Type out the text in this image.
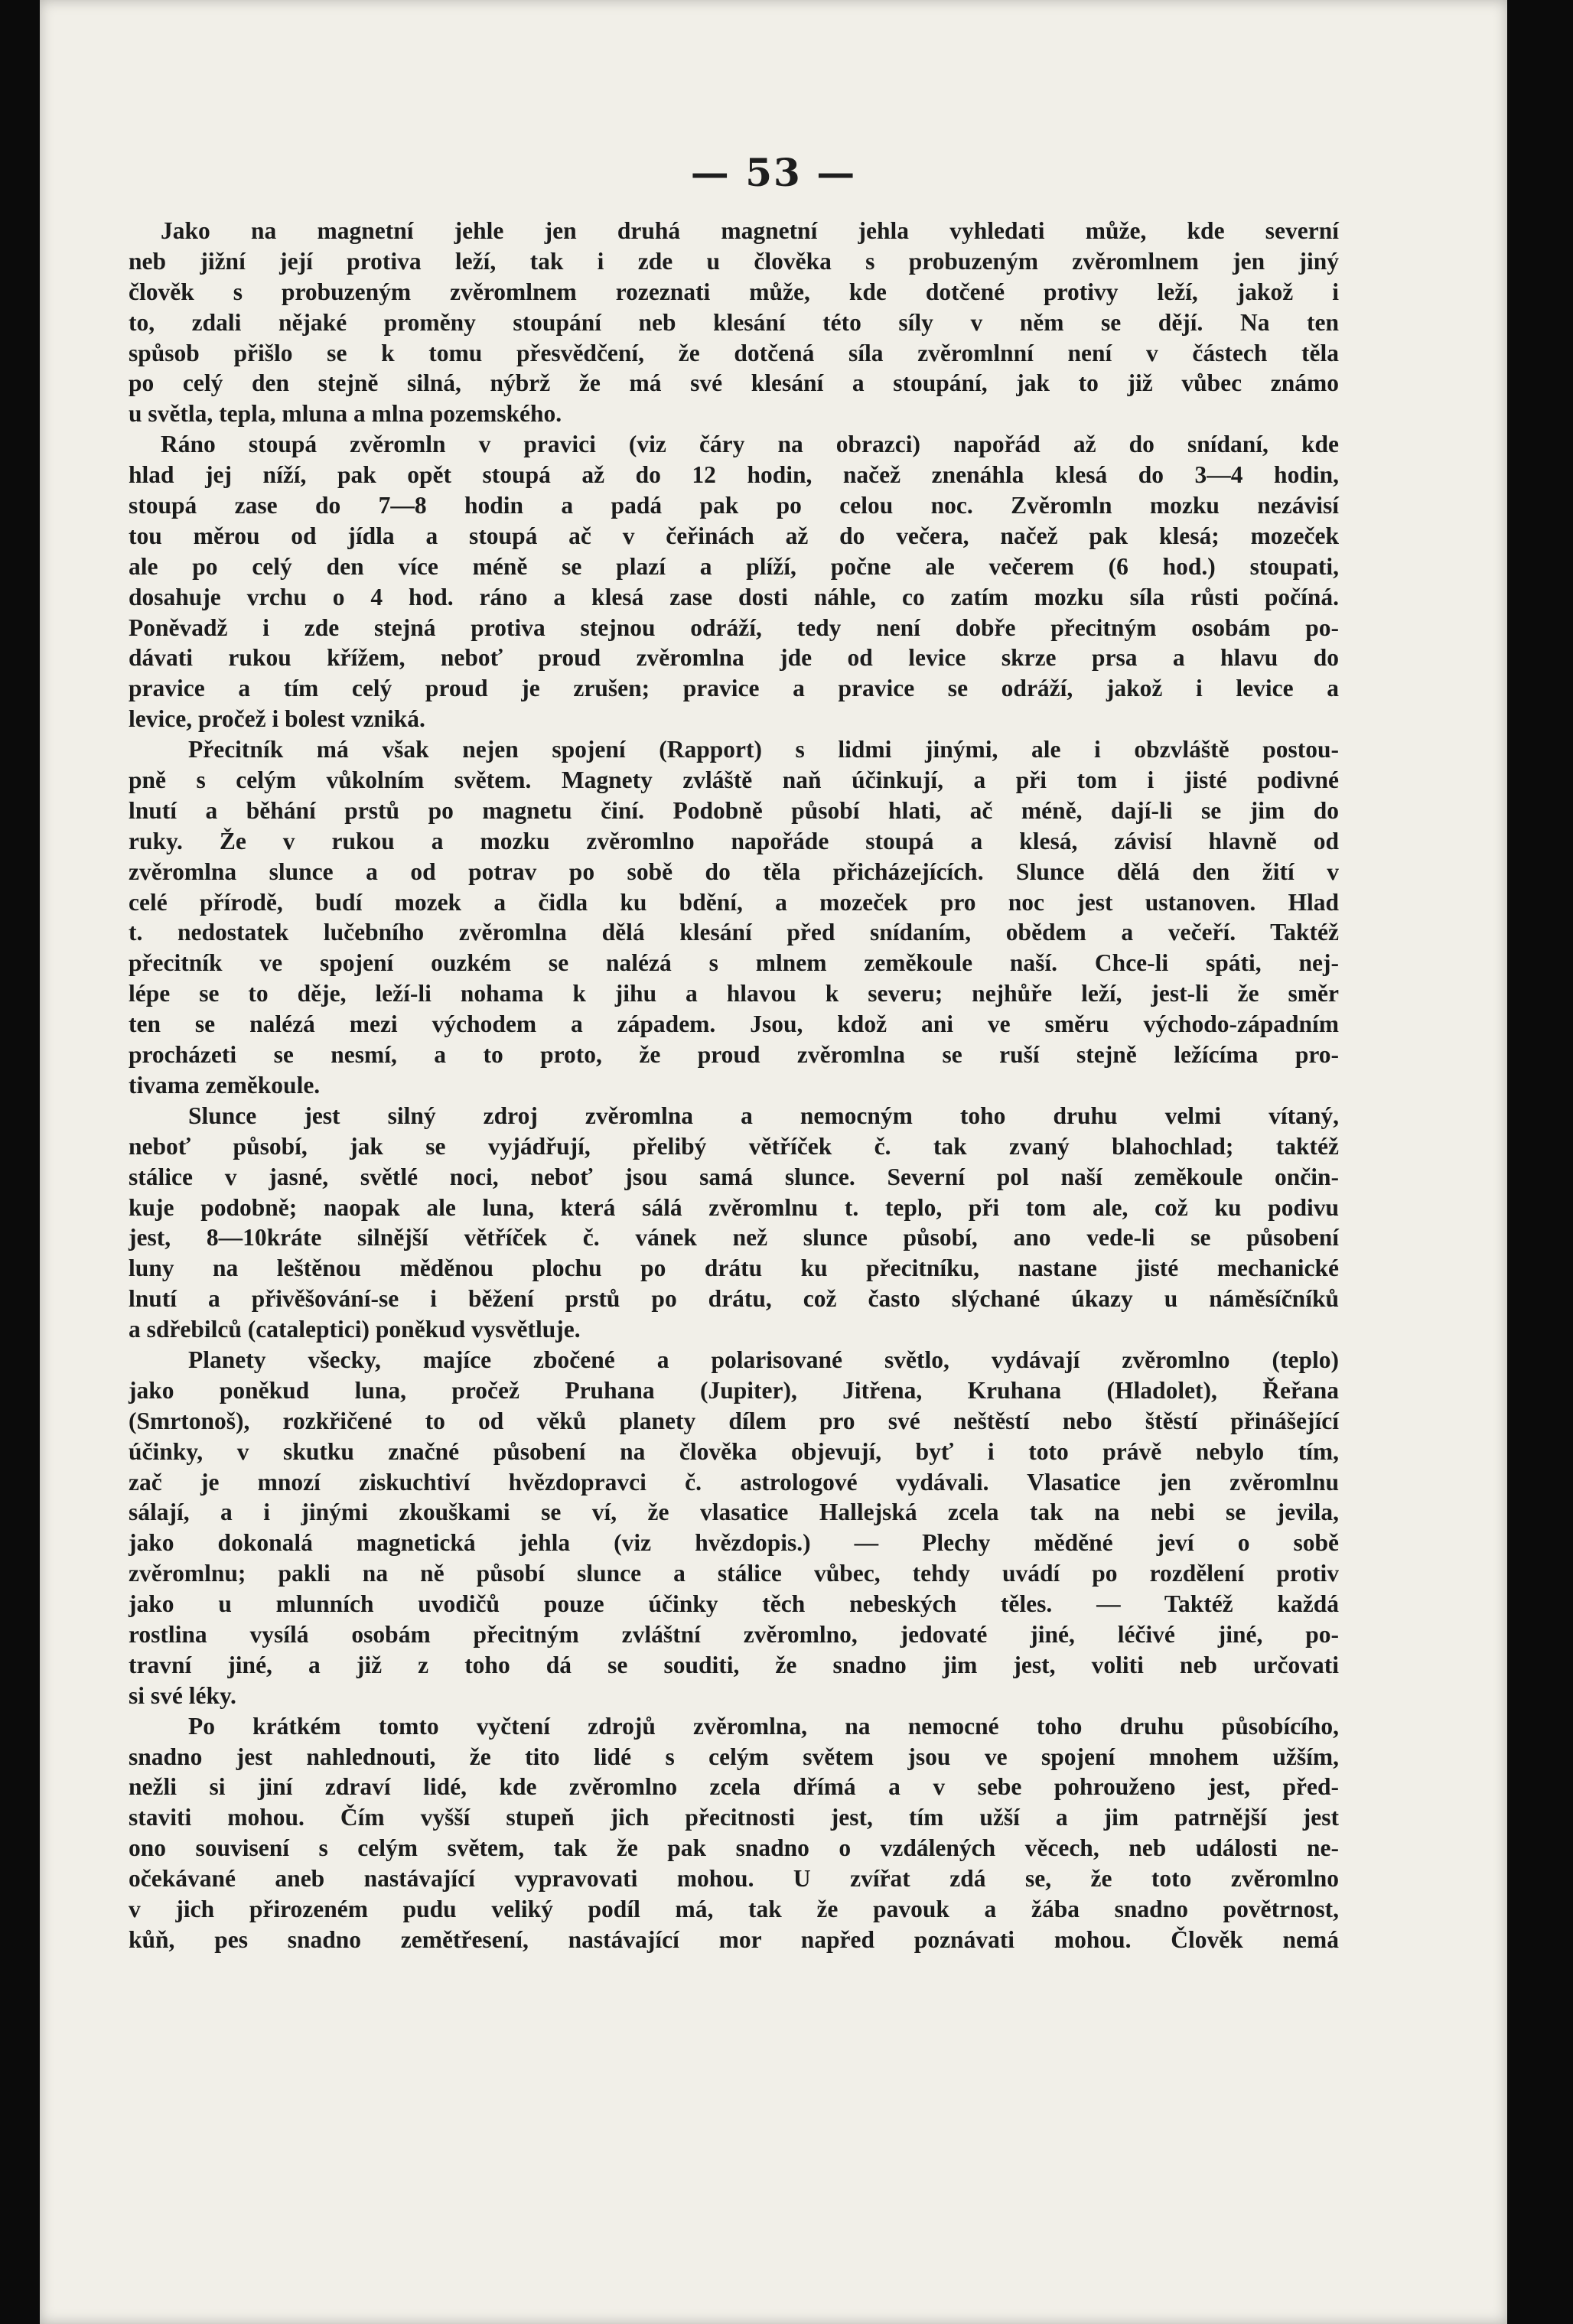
— 53 —
Jako na magnetní jehle jen druhá magnetní jehla vyhledati může, kde severní
neb jižní její protiva leží, tak i zde u člověka s probuzeným zvěromlnem jen jiný
člověk s probuzeným zvěromlnem rozeznati může, kde dotčené protivy leží, jakož i
to, zdali nějaké proměny stoupání neb klesání této síly v něm se dějí. Na ten
spůsob přišlo se k tomu přesvědčení, že dotčená síla zvěromlnní není v částech těla
po celý den stejně silná, nýbrž že má své klesání a stoupání, jak to již vůbec známo
u světla, tepla, mluna a mlna pozemského.
Ráno stoupá zvěromln v pravici (viz čáry na obrazci) napořád až do snídaní, kde
hlad jej níží, pak opět stoupá až do 12 hodin, načež znenáhla klesá do 3—4 hodin,
stoupá zase do 7—8 hodin a padá pak po celou noc. Zvěromln mozku nezávisí
tou měrou od jídla a stoupá ač v čeřinách až do večera, načež pak klesá; mozeček
ale po celý den více méně se plazí a plíží, počne ale večerem (6 hod.) stoupati,
dosahuje vrchu o 4 hod. ráno a klesá zase dosti náhle, co zatím mozku síla růsti počíná.
Poněvadž i zde stejná protiva stejnou odráží, tedy není dobře přecitným osobám po-
dávati rukou křížem, neboť proud zvěromlna jde od levice skrze prsa a hlavu do
pravice a tím celý proud je zrušen; pravice a pravice se odráží, jakož i levice a
levice, pročež i bolest vzniká.
Přecitník má však nejen spojení (Rapport) s lidmi jinými, ale i obzvláště postou-
pně s celým vůkolním světem. Magnety zvláště naň účinkují, a při tom i jisté podivné
lnutí a běhání prstů po magnetu činí. Podobně působí hlati, ač méně, dají-li se jim do
ruky. Že v rukou a mozku zvěromlno napořáde stoupá a klesá, závisí hlavně od
zvěromlna slunce a od potrav po sobě do těla přicházejících. Slunce dělá den žití v
celé přírodě, budí mozek a čidla ku bdění, a mozeček pro noc jest ustanoven. Hlad
t. nedostatek lučebního zvěromlna dělá klesání před snídaním, obědem a večeří. Taktéž
přecitník ve spojení ouzkém se nalézá s mlnem zeměkoule naší. Chce-li spáti, nej-
lépe se to děje, leží-li nohama k jihu a hlavou k severu; nejhůře leží, jest-li že směr
ten se nalézá mezi východem a západem. Jsou, kdož ani ve směru východo-západním
procházeti se nesmí, a to proto, že proud zvěromlna se ruší stejně ležícíma pro-
tivama zeměkoule.
Slunce jest silný zdroj zvěromlna a nemocným toho druhu velmi vítaný,
neboť působí, jak se vyjádřují, přelibý větříček č. tak zvaný blahochlad; taktéž
stálice v jasné, světlé noci, neboť jsou samá slunce. Severní pol naší zeměkoule ončin-
kuje podobně; naopak ale luna, která sálá zvěromlnu t. teplo, při tom ale, což ku podivu
jest, 8—10kráte silnější větříček č. vánek než slunce působí, ano vede-li se působení
luny na leštěnou měděnou plochu po drátu ku přecitníku, nastane jisté mechanické
lnutí a přivěšování-se i běžení prstů po drátu, což často slýchané úkazy u náměsíčníků
a sdřebilců (cataleptici) poněkud vysvětluje.
Planety všecky, majíce zbočené a polarisované světlo, vydávají zvěromlno (teplo)
jako poněkud luna, pročež Pruhana (Jupiter), Jitřena, Kruhana (Hladolet), Řeřana
(Smrtonoš), rozkřičené to od věků planety dílem pro své neštěstí nebo štěstí přinášející
účinky, v skutku značné působení na člověka objevují, byť i toto právě nebylo tím,
zač je mnozí ziskuchtiví hvězdopravci č. astrologové vydávali. Vlasatice jen zvěromlnu
sálají, a i jinými zkouškami se ví, že vlasatice Hallejská zcela tak na nebi se jevila,
jako dokonalá magnetická jehla (viz hvězdopis.) — Plechy měděné jeví o sobě
zvěromlnu; pakli na ně působí slunce a stálice vůbec, tehdy uvádí po rozdělení protiv
jako u mlunních uvodičů pouze účinky těch nebeských těles. — Taktéž každá
rostlina vysílá osobám přecitným zvláštní zvěromlno, jedovaté jiné, léčivé jiné, po-
travní jiné, a již z toho dá se souditi, že snadno jim jest, voliti neb určovati
si své léky.
Po krátkém tomto vyčtení zdrojů zvěromlna, na nemocné toho druhu působícího,
snadno jest nahlednouti, že tito lidé s celým světem jsou ve spojení mnohem užším,
nežli si jiní zdraví lidé, kde zvěromlno zcela dřímá a v sebe pohrouženo jest, před-
staviti mohou. Čím vyšší stupeň jich přecitnosti jest, tím užší a jim patrnější jest
ono souvisení s celým světem, tak že pak snadno o vzdálených věcech, neb události ne-
očekávané aneb nastávající vypravovati mohou. U zvířat zdá se, že toto zvěromlno
v jich přirozeném pudu veliký podíl má, tak že pavouk a žába snadno povětrnost,
kůň, pes snadno zemětřesení, nastávající mor napřed poznávati mohou. Člověk nemá
